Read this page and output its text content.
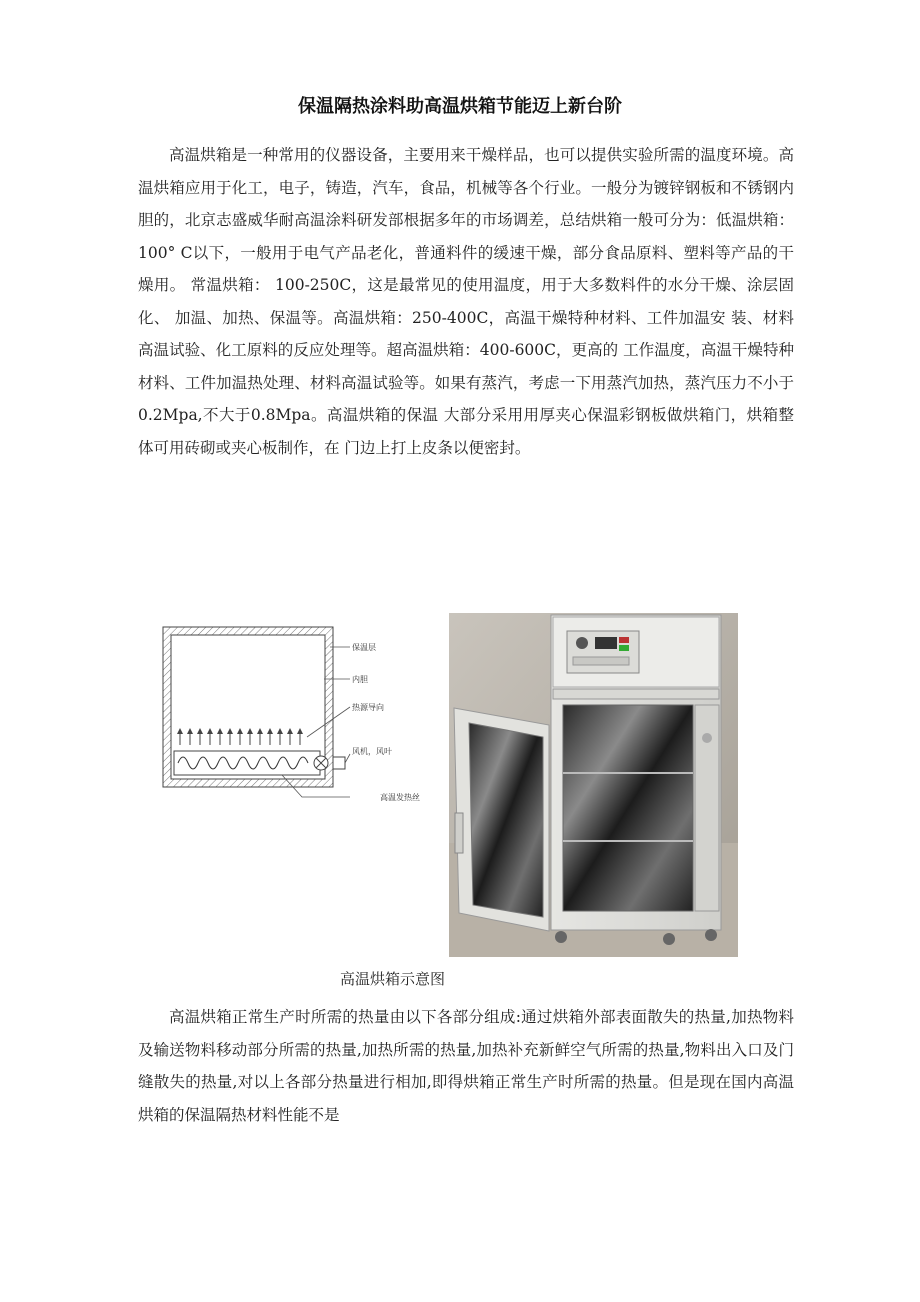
保温隔热涂料助高温烘箱节能迈上新台阶

高温烘箱是一种常用的仪器设备，主要用来干燥样品，也可以提供实验所需的温度环境。高温烘箱应用于化工，电子，铸造，汽车，食品，机械等各个行业。一般分为镀锌钢板和不锈钢内胆的，北京志盛威华耐高温涂料研发部根据多年的市场调差，总结烘箱一般可分为：低温烘箱：100° C以下，一般用于电气产品老化，普通料件的缓速干燥，部分食品原料、塑料等产品的干燥用。 常温烘箱： 100-250C，这是最常见的使用温度，用于大多数料件的水分干燥、涂层固化、 加温、加热、保温等。高温烘箱：250-400C，高温干燥特种材料、工件加温安 装、材料高温试验、化工原料的反应处理等。超高温烘箱：400-600C，更高的 工作温度，高温干燥特种材料、工件加温热处理、材料高温试验等。如果有蒸汽，考虑一下用蒸汽加热，蒸汽压力不小于0.2Mpa,不大于0.8Mpa。高温烘箱的保温 大部分采用用厚夹心保温彩钢板做烘箱门，烘箱整体可用砖砌或夹心板制作，在 门边上打上皮条以便密封。

保温层
内胆
热源导向
风机，风叶
高温发热丝
高温烘箱示意图

高温烘箱正常生产时所需的热量由以下各部分组成:通过烘箱外部表面散失的热量,加热物料及输送物料移动部分所需的热量,加热所需的热量,加热补充新鲜空气所需的热量,物料出入口及门缝散失的热量,对以上各部分热量进行相加,即得烘箱正常生产时所需的热量。但是现在国内高温烘箱的保温隔热材料性能不是
